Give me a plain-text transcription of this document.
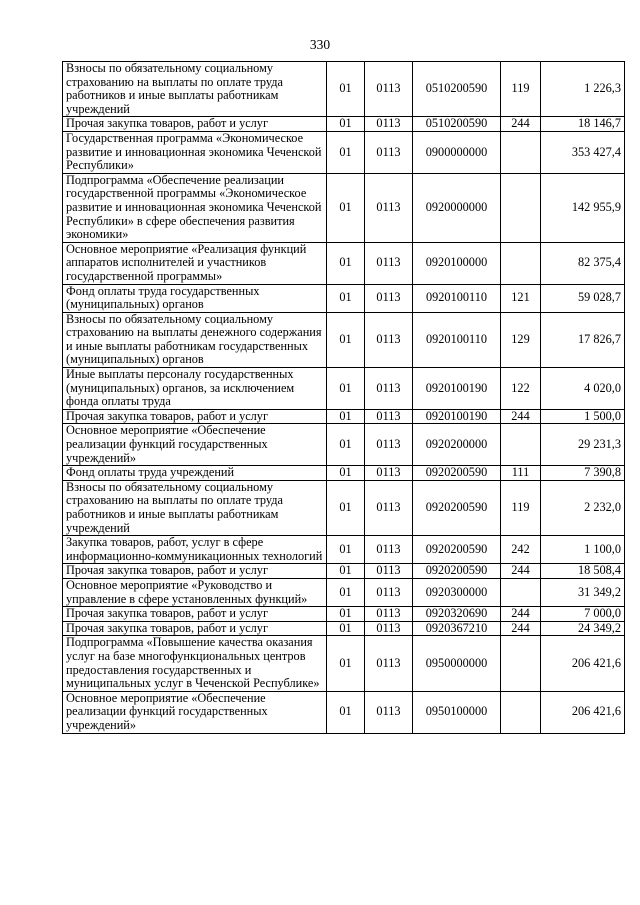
330
Взносы по обязательному социальному страхованию на выплаты по оплате труда работников и иные выплаты работникам учреждений	01	0113	0510200590	119	1 226,3
Прочая закупка товаров, работ и услуг	01	0113	0510200590	244	18 146,7
Государственная программа «Экономическое развитие и инновационная экономика Чеченской Республики»	01	0113	0900000000		353 427,4
Подпрограмма «Обеспечение реализации государственной программы «Экономическое развитие и инновационная экономика Чеченской Республики» в сфере обеспечения развития экономики»	01	0113	0920000000		142 955,9
Основное мероприятие «Реализация функций аппаратов исполнителей и участников государственной программы»	01	0113	0920100000		82 375,4
Фонд оплаты труда государственных (муниципальных) органов	01	0113	0920100110	121	59 028,7
Взносы по обязательному социальному страхованию на выплаты денежного содержания и иные выплаты работникам государственных (муниципальных) органов	01	0113	0920100110	129	17 826,7
Иные выплаты персоналу государственных (муниципальных) органов, за исключением фонда оплаты труда	01	0113	0920100190	122	4 020,0
Прочая закупка товаров, работ и услуг	01	0113	0920100190	244	1 500,0
Основное мероприятие «Обеспечение реализации функций государственных учреждений»	01	0113	0920200000		29 231,3
Фонд оплаты труда учреждений	01	0113	0920200590	111	7 390,8
Взносы по обязательному социальному страхованию на выплаты по оплате труда работников и иные выплаты работникам учреждений	01	0113	0920200590	119	2 232,0
Закупка товаров, работ, услуг в сфере информационно-коммуникационных технологий	01	0113	0920200590	242	1 100,0
Прочая закупка товаров, работ и услуг	01	0113	0920200590	244	18 508,4
Основное мероприятие «Руководство и управление в сфере установленных функций»	01	0113	0920300000		31 349,2
Прочая закупка товаров, работ и услуг	01	0113	0920320690	244	7 000,0
Прочая закупка товаров, работ и услуг	01	0113	0920367210	244	24 349,2
Подпрограмма «Повышение качества оказания услуг на базе многофункциональных центров предоставления государственных и муниципальных услуг в Чеченской Республике»	01	0113	0950000000		206 421,6
Основное мероприятие «Обеспечение реализации функций государственных учреждений»	01	0113	0950100000		206 421,6
